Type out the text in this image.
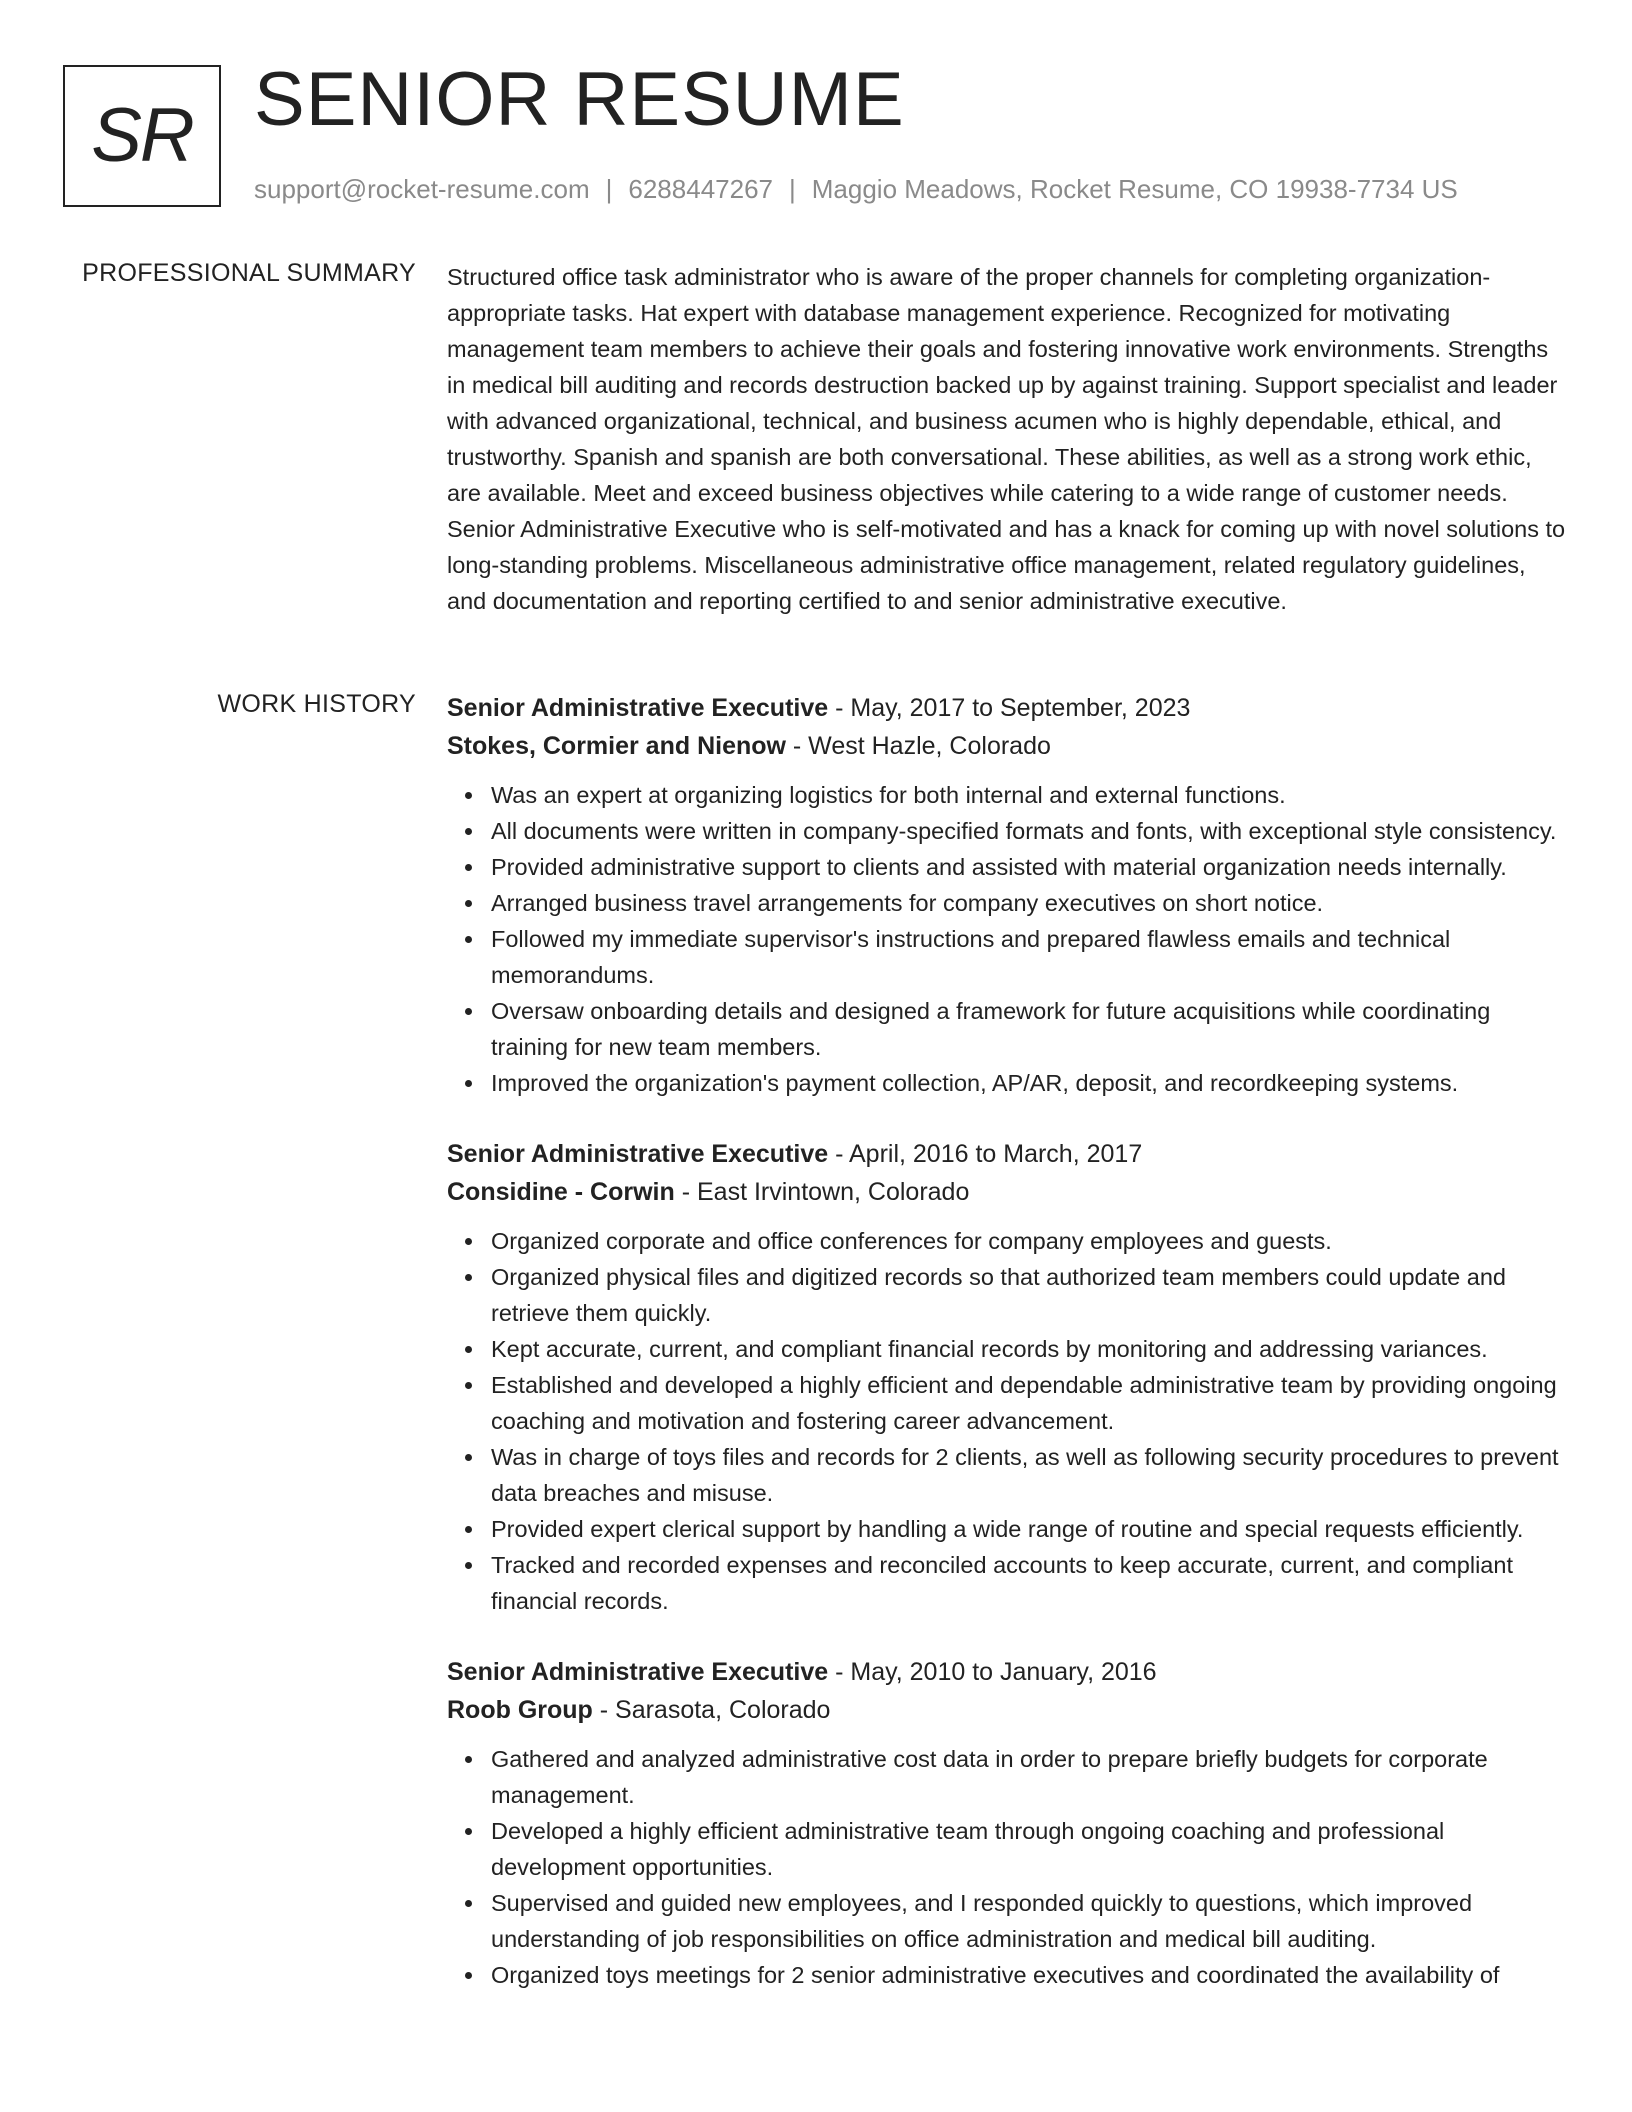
SR SENIOR RESUME
support@rocket-resume.com | 6288447267 | Maggio Meadows, Rocket Resume, CO 19938-7734 US
PROFESSIONAL SUMMARY Structured office task administrator who is aware of the proper channels for completing organization-appropriate tasks. Hat expert with database management experience. Recognized for motivating management team members to achieve their goals and fostering innovative work environments. Strengths in medical bill auditing and records destruction backed up by against training. Support specialist and leader with advanced organizational, technical, and business acumen who is highly dependable, ethical, and trustworthy. Spanish and spanish are both conversational. These abilities, as well as a strong work ethic, are available. Meet and exceed business objectives while catering to a wide range of customer needs. Senior Administrative Executive who is self-motivated and has a knack for coming up with novel solutions to long-standing problems. Miscellaneous administrative office management, related regulatory guidelines, and documentation and reporting certified to and senior administrative executive.

WORK HISTORY Senior Administrative Executive - May, 2017 to September, 2023
Stokes, Cormier and Nienow - West Hazle, Colorado
Was an expert at organizing logistics for both internal and external functions.
All documents were written in company-specified formats and fonts, with exceptional style consistency.
Provided administrative support to clients and assisted with material organization needs internally.
Arranged business travel arrangements for company executives on short notice.
Followed my immediate supervisor's instructions and prepared flawless emails and technical memorandums.
Oversaw onboarding details and designed a framework for future acquisitions while coordinating training for new team members.
Improved the organization's payment collection, AP/AR, deposit, and recordkeeping systems.
Senior Administrative Executive - April, 2016 to March, 2017
Considine - Corwin - East Irvintown, Colorado
Organized corporate and office conferences for company employees and guests.
Organized physical files and digitized records so that authorized team members could update and retrieve them quickly.
Kept accurate, current, and compliant financial records by monitoring and addressing variances.
Established and developed a highly efficient and dependable administrative team by providing ongoing coaching and motivation and fostering career advancement.
Was in charge of toys files and records for 2 clients, as well as following security procedures to prevent data breaches and misuse.
Provided expert clerical support by handling a wide range of routine and special requests efficiently.
Tracked and recorded expenses and reconciled accounts to keep accurate, current, and compliant financial records.
Senior Administrative Executive - May, 2010 to January, 2016
Roob Group - Sarasota, Colorado
Gathered and analyzed administrative cost data in order to prepare briefly budgets for corporate management.
Developed a highly efficient administrative team through ongoing coaching and professional development opportunities.
Supervised and guided new employees, and I responded quickly to questions, which improved understanding of job responsibilities on office administration and medical bill auditing.
Organized toys meetings for 2 senior administrative executives and coordinated the availability of
